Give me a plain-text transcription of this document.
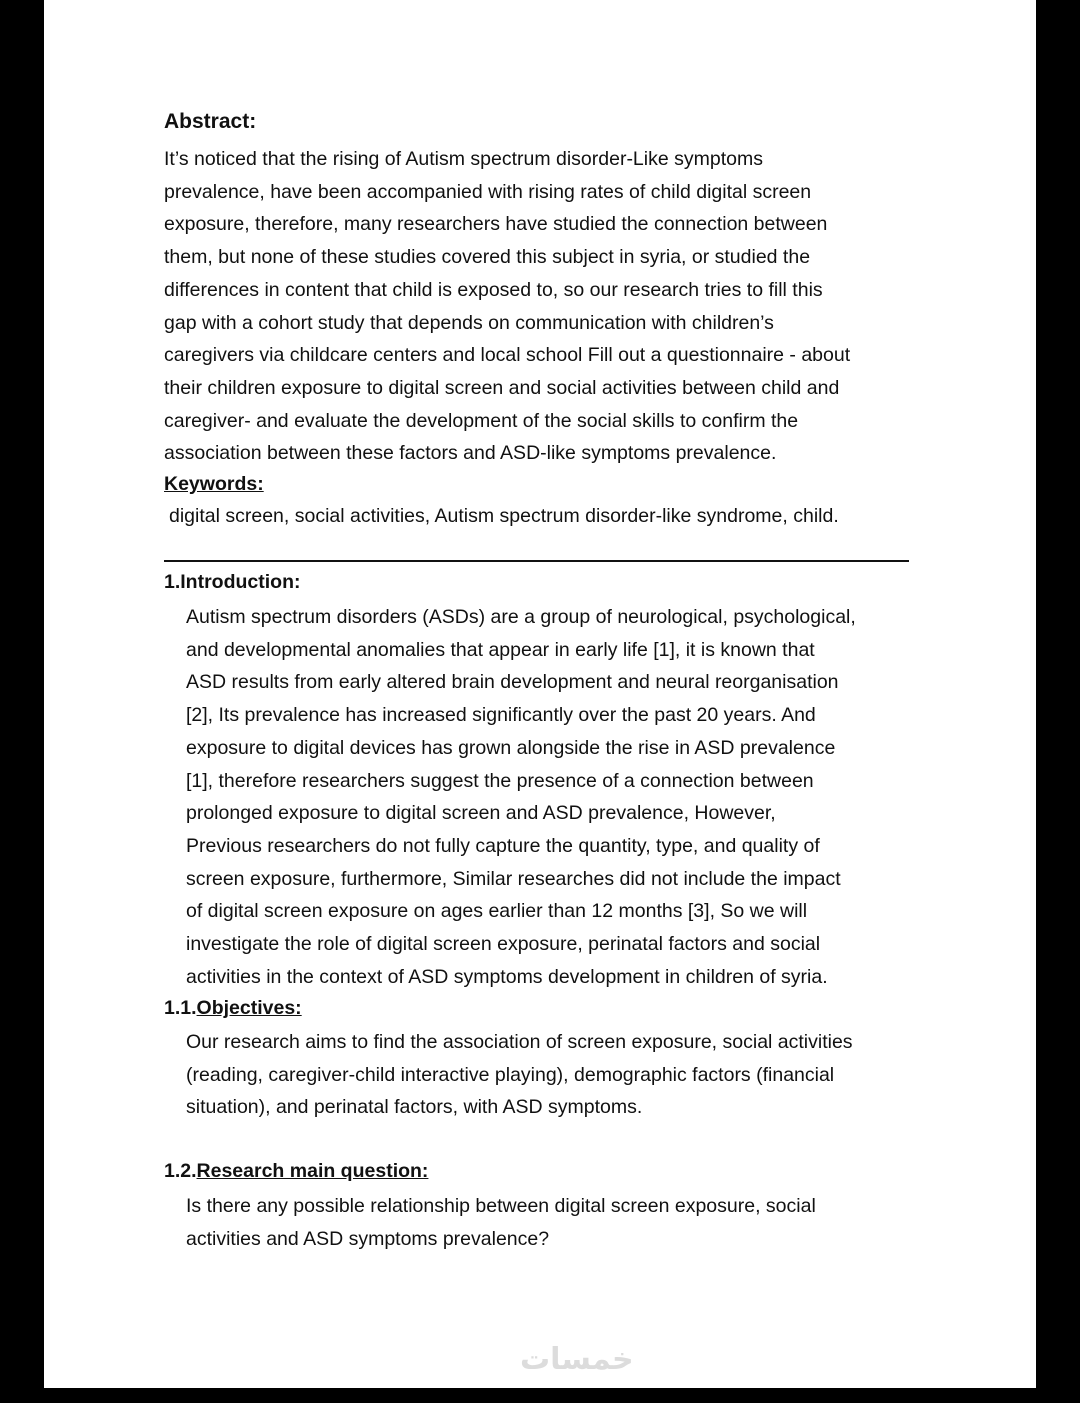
Abstract:
It’s noticed that the rising of Autism spectrum disorder-Like symptoms
prevalence, have been accompanied with rising rates of child digital screen
exposure, therefore, many researchers have studied the connection between
them, but none of these studies covered this subject in syria, or studied the
differences in content that child is exposed to, so our research tries to fill this
gap with a cohort study that depends on communication with children’s
caregivers via childcare centers and local school Fill out a questionnaire - about
their children exposure to digital screen and social activities between child and
caregiver- and evaluate the development of the social skills to confirm the
association between these factors and ASD-like symptoms prevalence.
Keywords:
digital screen, social activities, Autism spectrum disorder-like syndrome, child.
1.Introduction:
Autism spectrum disorders (ASDs) are a group of neurological, psychological,
and developmental anomalies that appear in early life [1], it is known that
ASD results from early altered brain development and neural reorganisation
[2], Its prevalence has increased significantly over the past 20 years. And
exposure to digital devices has grown alongside the rise in ASD prevalence
[1], therefore researchers suggest the presence of a connection between
prolonged exposure to digital screen and ASD prevalence, However,
Previous researchers do not fully capture the quantity, type, and quality of
screen exposure, furthermore, Similar researches did not include the impact
of digital screen exposure on ages earlier than 12 months [3], So we will
investigate the role of digital screen exposure, perinatal factors and social
activities in the context of ASD symptoms development in children of syria.
1.1.Objectives:
Our research aims to find the association of screen exposure, social activities
(reading, caregiver-child interactive playing), demographic factors (financial
situation), and perinatal factors, with ASD symptoms.
1.2.Research main question:
Is there any possible relationship between digital screen exposure, social
activities and ASD symptoms prevalence?
خمسات
